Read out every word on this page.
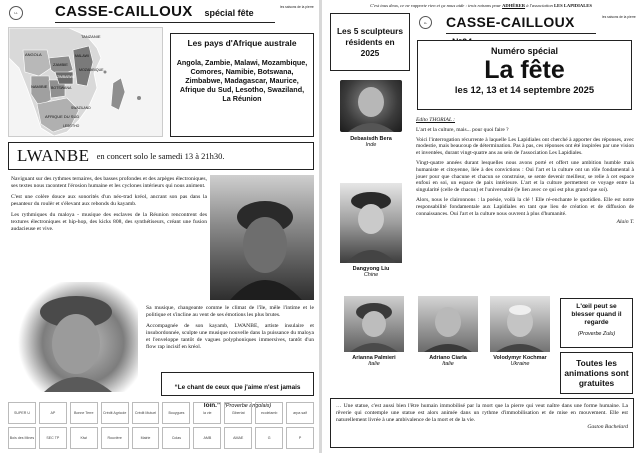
LL	CASSE-CAILLOUX spécial fête
les saisons de la pierre
TANZANIE
ANGOLA
ZAMBIE
MALAWI
MOZAMBIQUE
NAMIBIE BOTSWANA
AFRIQUE DU SUD
LESOTHO
SWAZILAND
ZIMBABWE
Les pays d'Afrique australe
Angola, Zambie, Malawi, Mozambique, Comores, Namibie, Botswana, Zimbabwe, Madagascar, Maurice, Afrique du Sud, Lesotho, Swaziland, La Réunion
LWANBE en concert solo le samedi 13 à 21h30.

Naviguant sur des rythmes ternaires, des basses profondes et des arpèges électroniques, ses textes nous racontent l'érosion humaine et les cyclones intérieurs qui nous animent.

C'est une colère douce aux sonorités d'un néo-trad kréol, ancrant son pas dans la pesanteur du roulèr et s'élevant aux rebonds du kayamb.

Les rythmiques du maloya - musique des esclaves de la Réunion rencontrent des textures électroniques et hip-hop, des kicks 808, des synthétiseurs, créant une fusion audacieuse et vive.

Sa musique, changeante comme le climat de l'île, mêle l'intime et le politique et s'incline au vent de ses émotions les plus brutes.

Accompagnée de son kayamb, LWANBE, artiste insulaire et insubordonnée, sculpte une musique nouvelle dans la puissance du maloya et l'enveloppe tantôt de vagues polyphoniques immersives, tantôt d'un flow rap incisif en kréol.

“Le chant de ceux que j'aime n'est jamais loin.” (Proverbe angolais)
SUPER U	AP	Bonne Terre	Crédit Agricole	Crédit Mutuel	Bouygues	la vie	Gibertat	ecolelamb	arpa saif
Bois des Mines	SEC TP	Kiwi	Rouvière	Mairie	Colas	AMB	AMAE	G	P
C'est tous deux, ce ne rapporte rien et ça nous aide : trois raisons pour ADHÉRER à l'association LES LAPIDIALES
LL	CASSE-CAILLOUX	les saisons de la pierre
Les 5 sculpteurs résidents en 2025	Numéro spécial
La fête
les 12, 13 et 14 septembre 2025
Debasisdh Bera
Inde
Dangyong Liu
Chine
Edito THORIAL :

L'art et la culture, mais... pour quoi faire ?

Voici l'interrogation récurrente à laquelle Les Lapidiales ont cherché à apporter des réponses, avec modestie, mais beaucoup de détermination. Pas à pas, ces réponses ont été inspirées par une vision et inventées, durant vingt-quatre ans au sein de l'association Les Lapidiales.

Vingt-quatre années durant lesquelles nous avons porté et offert une ambition humble mais humaniste et citoyenne, liée à des convictions : Oui l'art et la culture ont un rôle fondamental à jouer pour que chacune et chacun se construise, se sente devenir meilleur, se relie à cet espace enfoui en soi, un espace de paix intérieure. L'art et la culture permettent ce voyage entre la singularité (celle de chacun) et l'universalité (le lien avec ce qui est plus grand que soi).

Alors, nous le claironnons : la poésie, voilà la clé ! Elle ré-enchante le quotidien. Elle est notre responsabilité fondamentale aux Lapidiales en tant que lieu de création et de diffusion de connaissances. Oui l'art et la culture nous ouvrent à plus d'humanité.

Alain T.
Arianna Palmieri
Italie
Adriano Ciarla
Italie
Volodymyr Kochmar
Ukraine
L'œil peut se blesser quand il regarde
(Proverbe Zulu)
Toutes les animations sont gratuites
… Une statue, c'est aussi bien l'être humain immobilisé par la mort que la pierre qui veut naître dans une forme humaine. La rêverie qui contemple une statue est alors animée dans un rythme d'immobilisation et de mise en mouvement. Elle est naturellement livrée à une ambivalence de la mort et de la vie.
Gaston Bachelard
